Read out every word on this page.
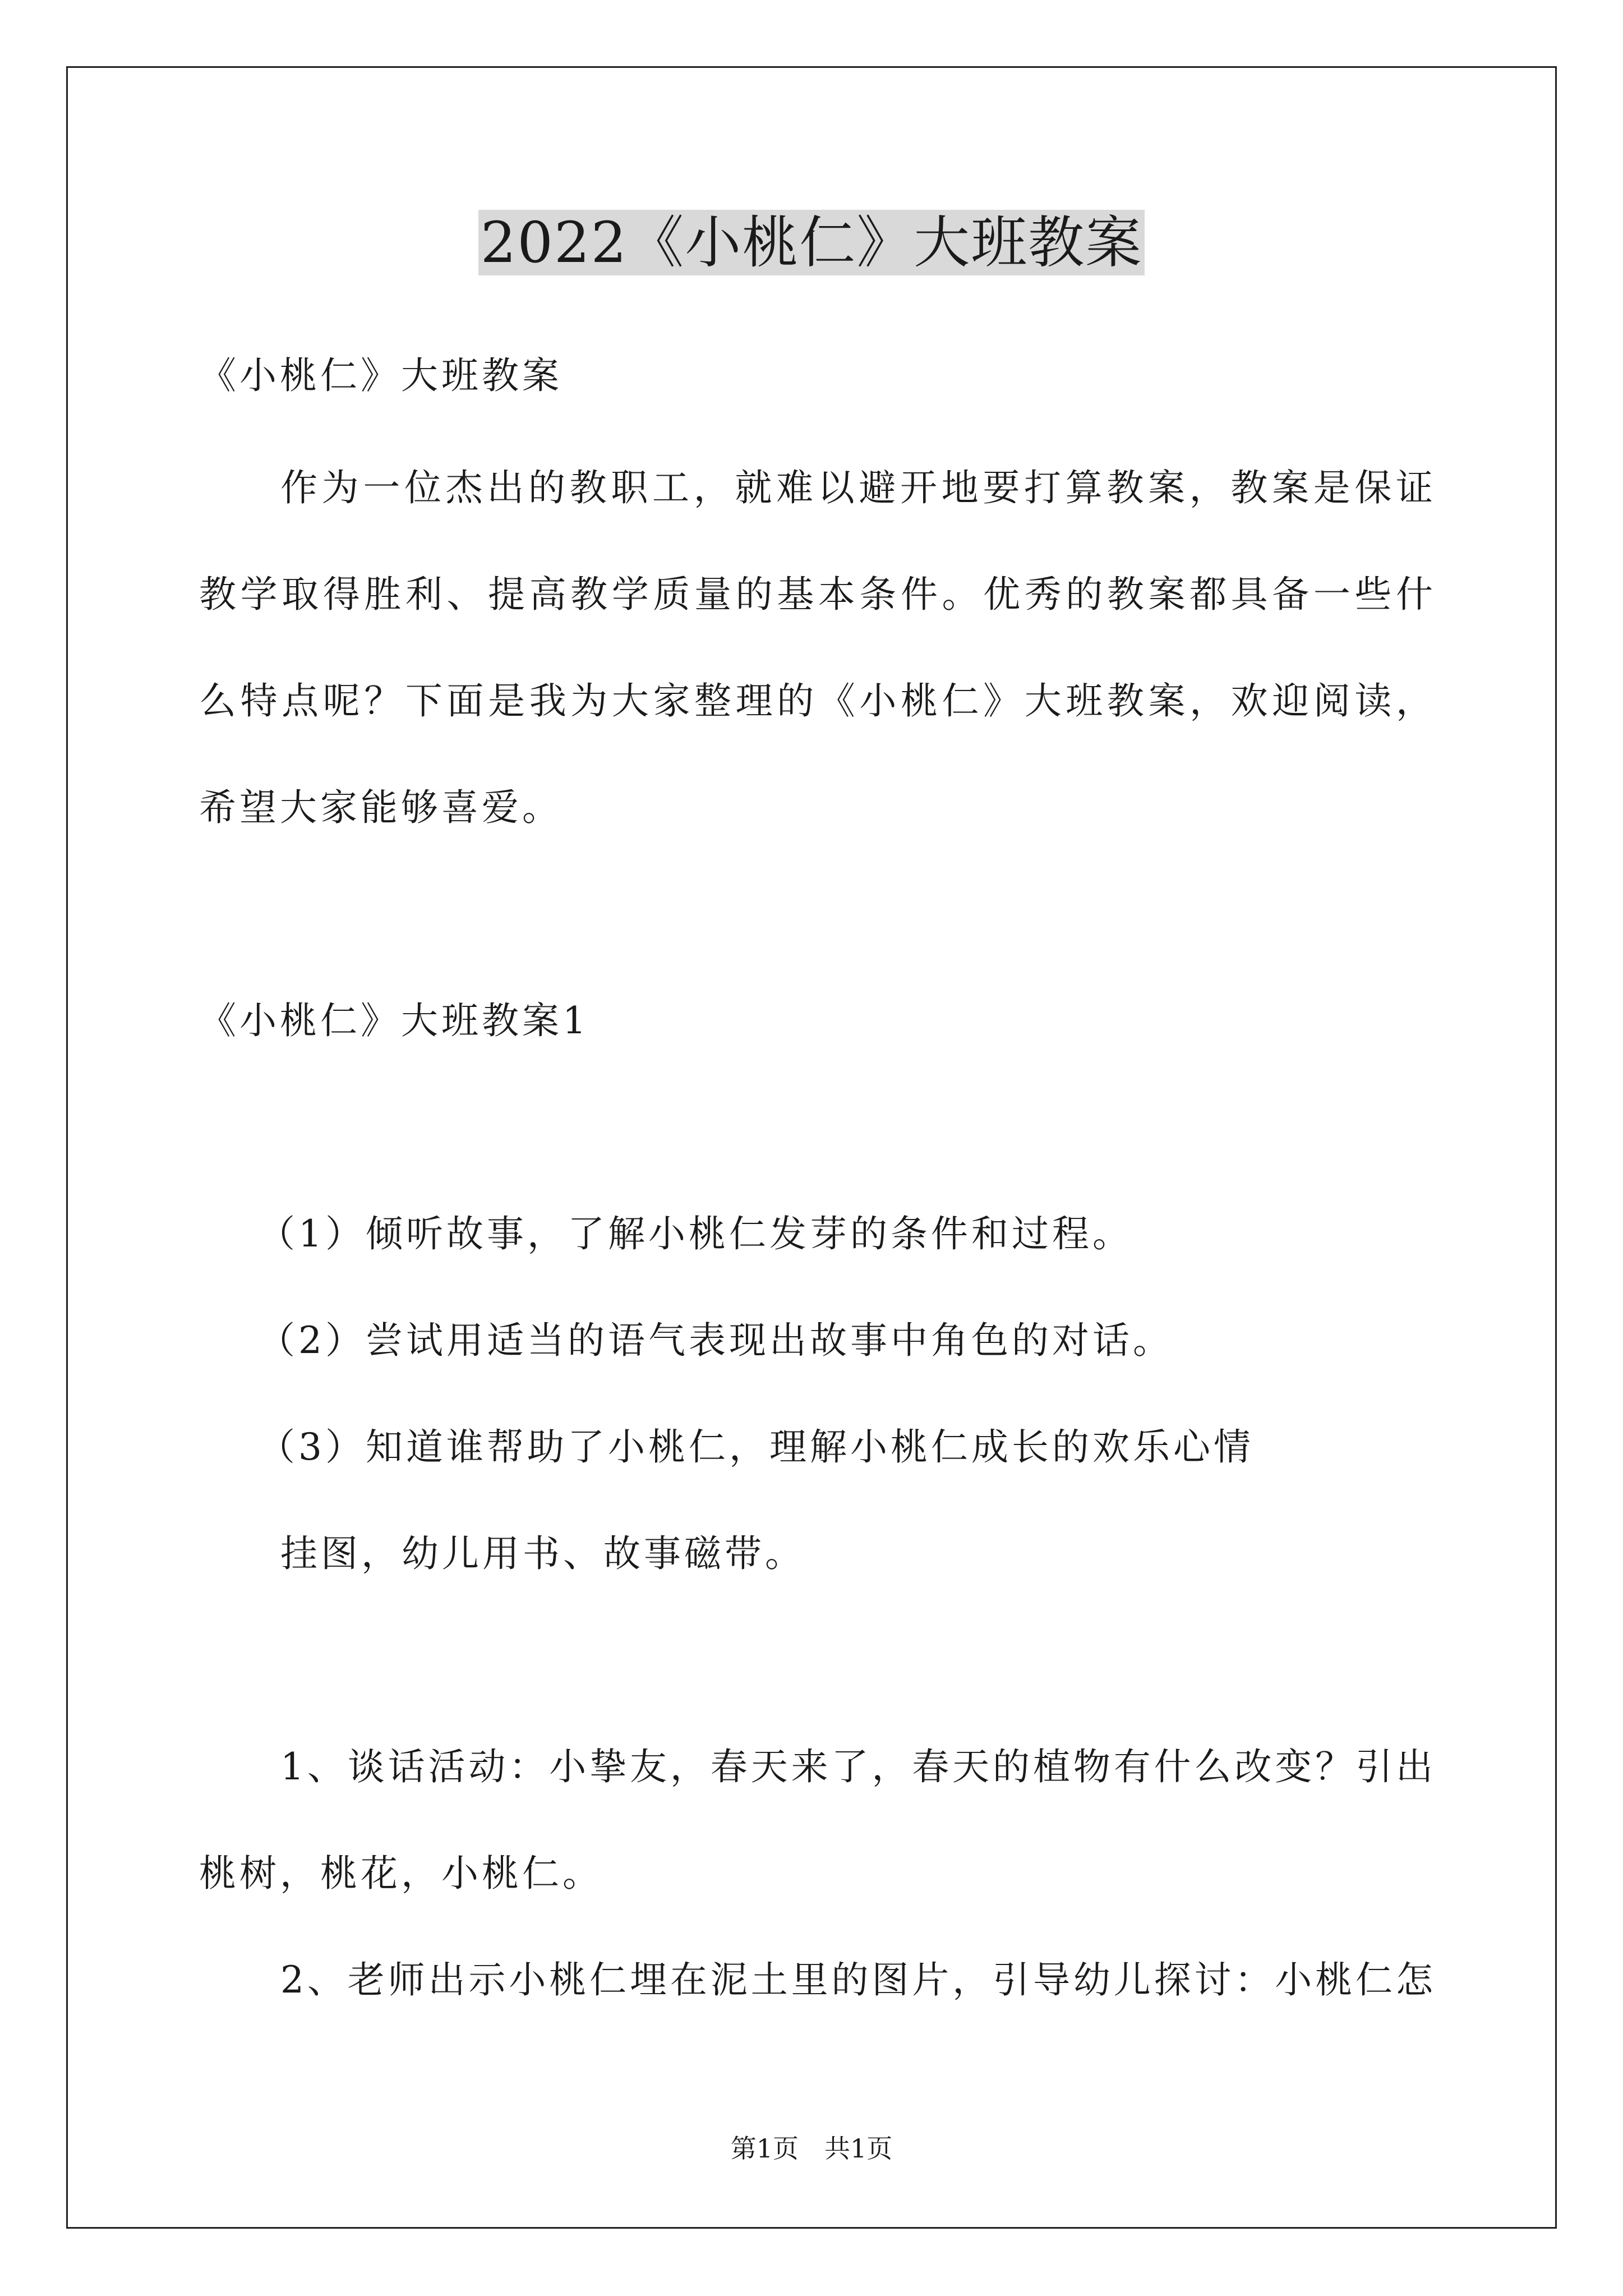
2022《小桃仁》大班教案
《小桃仁》大班教案
作为一位杰出的教职工，就难以避开地要打算教案，教案是保证
教学取得胜利、提高教学质量的基本条件。优秀的教案都具备一些什
么特点呢？下面是我为大家整理的《小桃仁》大班教案，欢迎阅读，
希望大家能够喜爱。
《小桃仁》大班教案1
（1）倾听故事，了解小桃仁发芽的条件和过程。
（2）尝试用适当的语气表现出故事中角色的对话。
（3）知道谁帮助了小桃仁，理解小桃仁成长的欢乐心情
挂图，幼儿用书、故事磁带。
1、谈话活动：小挚友，春天来了，春天的植物有什么改变？引出
桃树，桃花，小桃仁。
2、老师出示小桃仁埋在泥土里的图片，引导幼儿探讨：小桃仁怎
第1页 共1页
